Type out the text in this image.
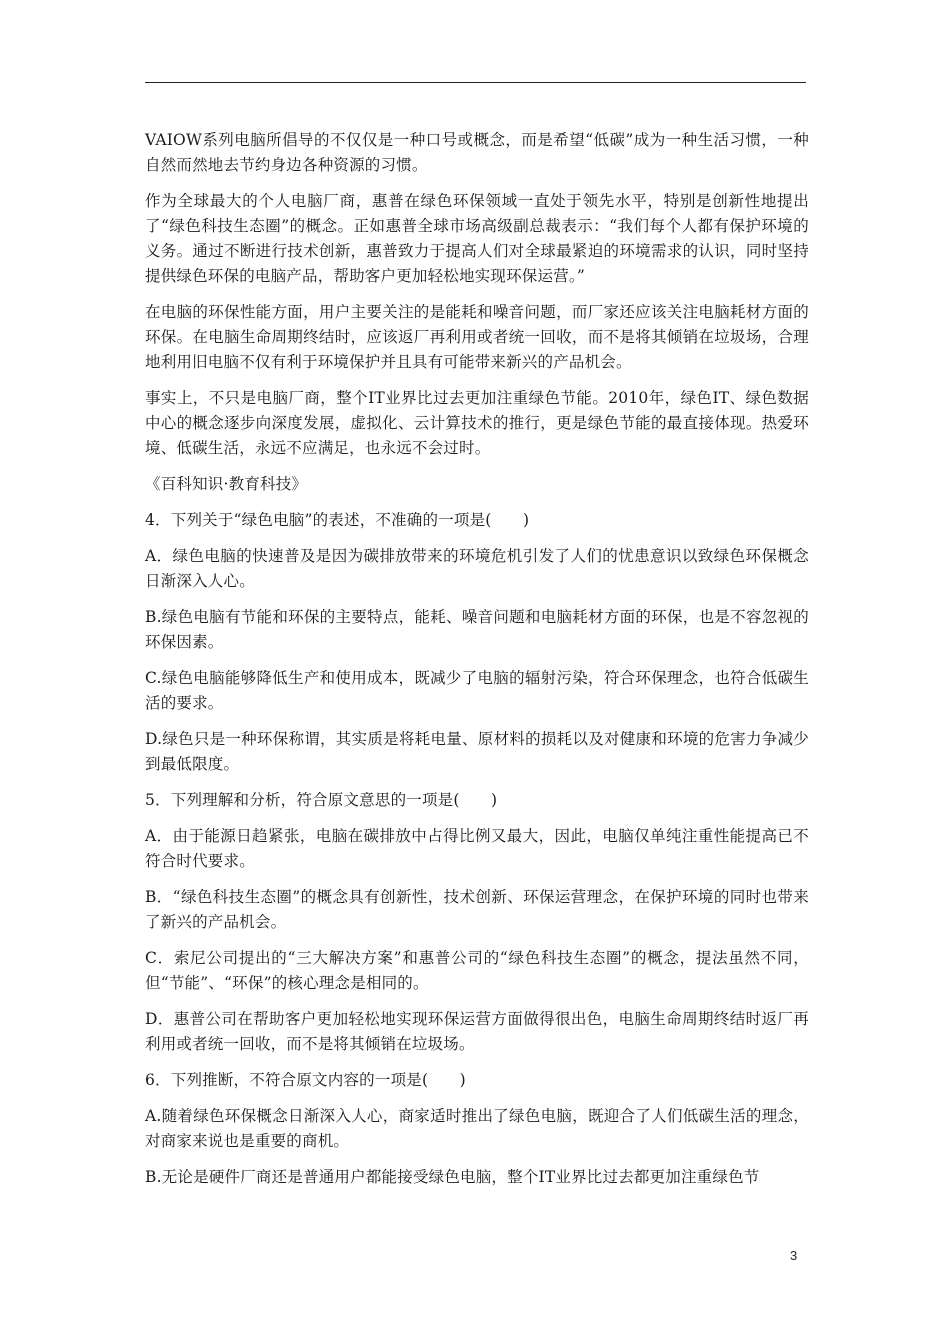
VAIOW系列电脑所倡导的不仅仅是一种口号或概念，而是希望“低碳”成为一种生活习惯，一种自然而然地去节约身边各种资源的习惯。

作为全球最大的个人电脑厂商，惠普在绿色环保领域一直处于领先水平，特别是创新性地提出了“绿色科技生态圈”的概念。正如惠普全球市场高级副总裁表示：“我们每个人都有保护环境的义务。通过不断进行技术创新，惠普致力于提高人们对全球最紧迫的环境需求的认识，同时坚持提供绿色环保的电脑产品，帮助客户更加轻松地实现环保运营。”

在电脑的环保性能方面，用户主要关注的是能耗和噪音问题，而厂家还应该关注电脑耗材方面的环保。在电脑生命周期终结时，应该返厂再利用或者统一回收，而不是将其倾销在垃圾场，合理地利用旧电脑不仅有利于环境保护并且具有可能带来新兴的产品机会。

事实上，不只是电脑厂商，整个IT业界比过去更加注重绿色节能。2010年，绿色IT、绿色数据中心的概念逐步向深度发展，虚拟化、云计算技术的推行，更是绿色节能的最直接体现。热爱环境、低碳生活，永远不应满足，也永远不会过时。

《百科知识·教育科技》

4．下列关于“绿色电脑”的表述，不准确的一项是(　　)

A．绿色电脑的快速普及是因为碳排放带来的环境危机引发了人们的忧患意识以致绿色环保概念日渐深入人心。

B.绿色电脑有节能和环保的主要特点，能耗、噪音问题和电脑耗材方面的环保，也是不容忽视的环保因素。

C.绿色电脑能够降低生产和使用成本，既减少了电脑的辐射污染，符合环保理念，也符合低碳生活的要求。

D.绿色只是一种环保称谓，其实质是将耗电量、原材料的损耗以及对健康和环境的危害力争减少到最低限度。

5．下列理解和分析，符合原文意思的一项是(　　)

A．由于能源日趋紧张，电脑在碳排放中占得比例又最大，因此，电脑仅单纯注重性能提高已不符合时代要求。

B．“绿色科技生态圈”的概念具有创新性，技术创新、环保运营理念，在保护环境的同时也带来了新兴的产品机会。

C．索尼公司提出的“三大解决方案”和惠普公司的“绿色科技生态圈”的概念，提法虽然不同，但“节能”、“环保”的核心理念是相同的。

D．惠普公司在帮助客户更加轻松地实现环保运营方面做得很出色，电脑生命周期终结时返厂再利用或者统一回收，而不是将其倾销在垃圾场。

6．下列推断，不符合原文内容的一项是(　　)

A.随着绿色环保概念日渐深入人心，商家适时推出了绿色电脑，既迎合了人们低碳生活的理念，对商家来说也是重要的商机。

B.无论是硬件厂商还是普通用户都能接受绿色电脑，整个IT业界比过去都更加注重绿色节

3
